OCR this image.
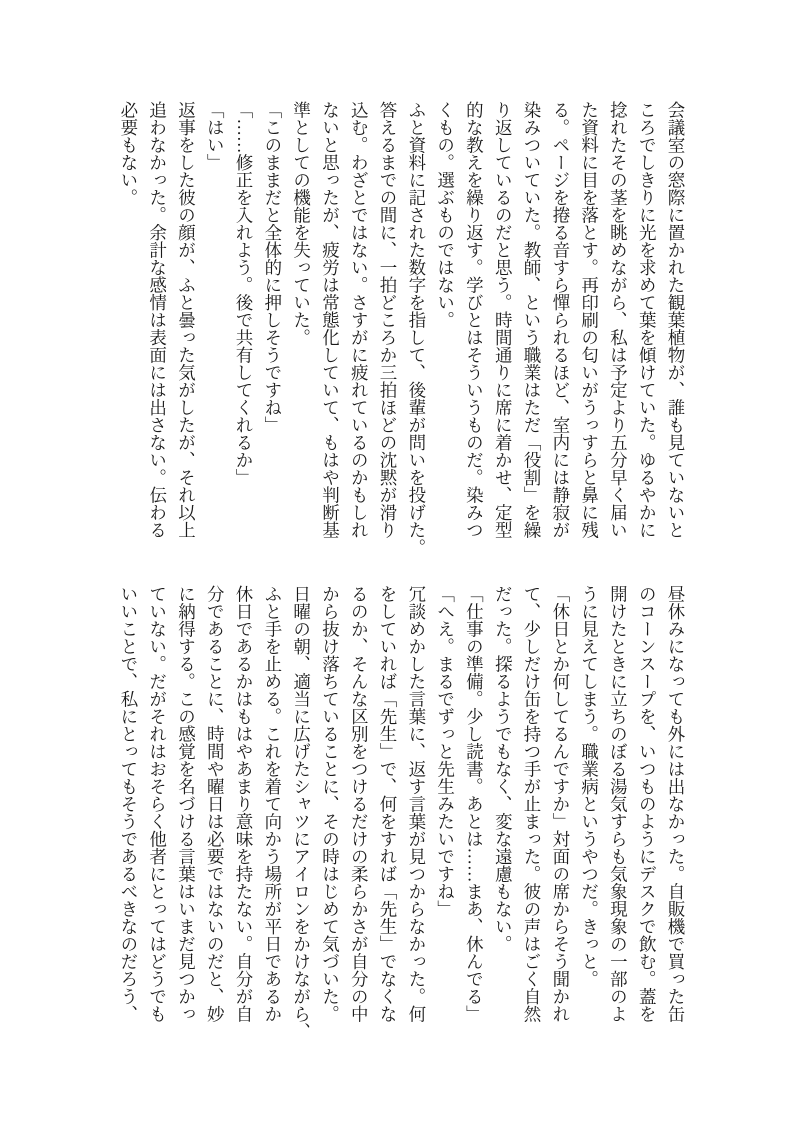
会議室の窓際に置かれた観葉植物が、誰も見ていないと
ころでしきりに光を求めて葉を傾けていた。ゆるやかに
捻れたその茎を眺めながら、私は予定より五分早く届い
た資料に目を落とす。再印刷の匂いがうっすらと鼻に残
る。ページを捲る音すら憚られるほど、室内には静寂が
染みついていた。教師、という職業はただ「役割」を繰
り返しているのだと思う。時間通りに席に着かせ、定型
的な教えを繰り返す。学びとはそういうものだ。染みつ
くもの。選ぶものではない。
ふと資料に記された数字を指して、後輩が問いを投げた。
答えるまでの間に、一拍どころか三拍ほどの沈黙が滑り
込む。わざとではない。さすがに疲れているのかもしれ
ないと思ったが、疲労は常態化していて、もはや判断基
準としての機能を失っていた。
「このままだと全体的に押しそうですね」
「……修正を入れよう。後で共有してくれるか」
「はい」
返事をした彼の顔が、ふと曇った気がしたが、それ以上
追わなかった。余計な感情は表面には出さない。伝わる
必要もない。
昼休みになっても外には出なかった。自販機で買った缶
のコーンスープを、いつものようにデスクで飲む。蓋を
開けたときに立ちのぼる湯気すらも気象現象の一部のよ
うに見えてしまう。職業病というやつだ。きっと。
「休日とか何してるんですか」対面の席からそう聞かれ
て、少しだけ缶を持つ手が止まった。彼の声はごく自然
だった。探るようでもなく、変な遠慮もない。
「仕事の準備。少し読書。あとは……まあ、休んでる」
「へえ。まるでずっと先生みたいですね」
冗談めかした言葉に、返す言葉が見つからなかった。何
をしていれば「先生」で、何をすれば「先生」でなくな
るのか、そんな区別をつけるだけの柔らかさが自分の中
から抜け落ちていることに、その時はじめて気づいた。
日曜の朝、適当に広げたシャツにアイロンをかけながら、
ふと手を止める。これを着て向かう場所が平日であるか
休日であるかはもはやあまり意味を持たない。自分が自
分であることに、時間や曜日は必要ではないのだと、妙
に納得する。この感覚を名づける言葉はいまだ見つかっ
ていない。だがそれはおそらく他者にとってはどうでも
いいことで、私にとってもそうであるべきなのだろう、
